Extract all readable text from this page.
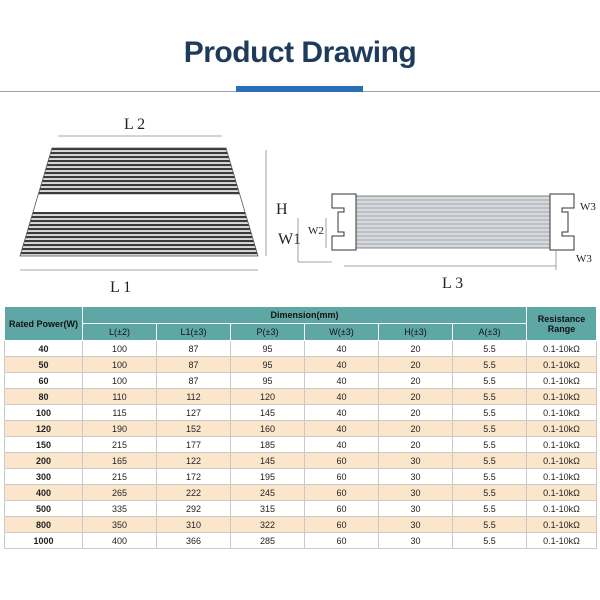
Product Drawing
L 2
L 1
H
W1 W2
W3
W3
L 3
Rated Power(W)	Dimension(mm)						Resistance Range
	L(±2)	L1(±3)	P(±3)	W(±3)	H(±3)	A(±3)	
40	100	87	95	40	20	5.5	0.1-10kΩ
50	100	87	95	40	20	5.5	0.1-10kΩ
60	100	87	95	40	20	5.5	0.1-10kΩ
80	110	112	120	40	20	5.5	0.1-10kΩ
100	115	127	145	40	20	5.5	0.1-10kΩ
120	190	152	160	40	20	5.5	0.1-10kΩ
150	215	177	185	40	20	5.5	0.1-10kΩ
200	165	122	145	60	30	5.5	0.1-10kΩ
300	215	172	195	60	30	5.5	0.1-10kΩ
400	265	222	245	60	30	5.5	0.1-10kΩ
500	335	292	315	60	30	5.5	0.1-10kΩ
800	350	310	322	60	30	5.5	0.1-10kΩ
1000	400	366	285	60	30	5.5	0.1-10kΩ
